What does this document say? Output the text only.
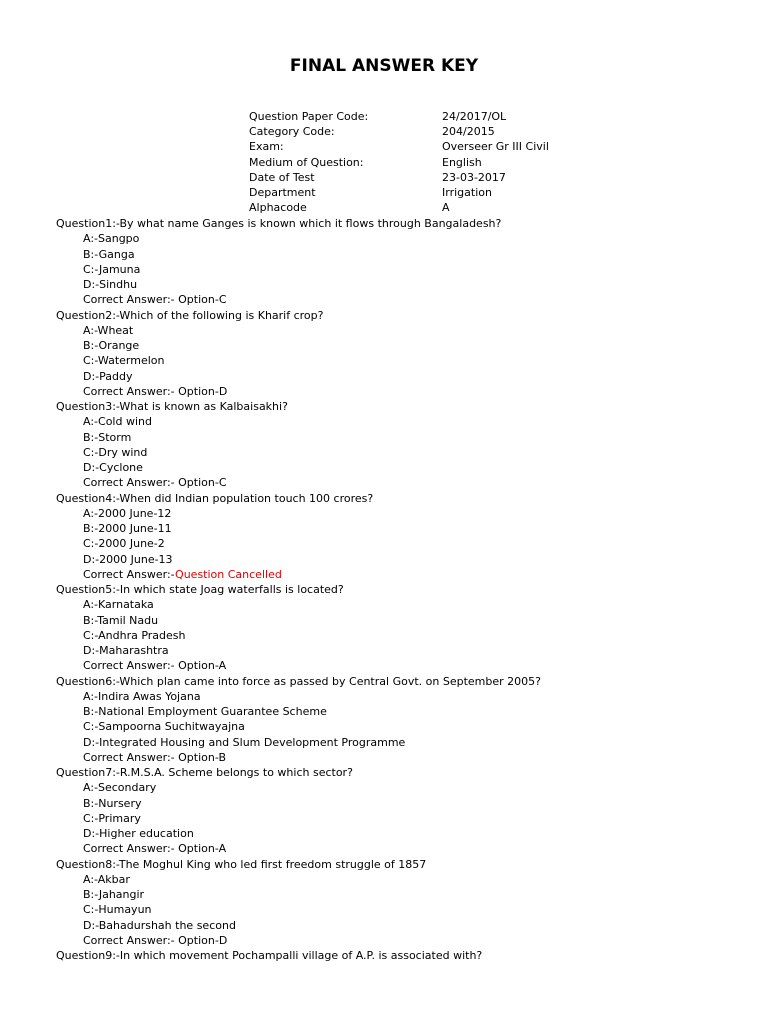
FINAL ANSWER KEY
Question Paper Code:	24/2017/OL
Category Code:	204/2015
Exam:	Overseer Gr III Civil
Medium of Question:	English
Date of Test	23-03-2017
Department	Irrigation
Alphacode	A
Question1:-By what name Ganges is known which it flows through Bangaladesh?
A:-Sangpo
B:-Ganga
C:-Jamuna
D:-Sindhu
Correct Answer:- Option-C
Question2:-Which of the following is Kharif crop?
A:-Wheat
B:-Orange
C:-Watermelon
D:-Paddy
Correct Answer:- Option-D
Question3:-What is known as Kalbaisakhi?
A:-Cold wind
B:-Storm
C:-Dry wind
D:-Cyclone
Correct Answer:- Option-C
Question4:-When did Indian population touch 100 crores?
A:-2000 June-12
B:-2000 June-11
C:-2000 June-2
D:-2000 June-13
Correct Answer:-Question Cancelled
Question5:-In which state Joag waterfalls is located?
A:-Karnataka
B:-Tamil Nadu
C:-Andhra Pradesh
D:-Maharashtra
Correct Answer:- Option-A
Question6:-Which plan came into force as passed by Central Govt. on September 2005?
A:-Indira Awas Yojana
B:-National Employment Guarantee Scheme
C:-Sampoorna Suchitwayajna
D:-Integrated Housing and Slum Development Programme
Correct Answer:- Option-B
Question7:-R.M.S.A. Scheme belongs to which sector?
A:-Secondary
B:-Nursery
C:-Primary
D:-Higher education
Correct Answer:- Option-A
Question8:-The Moghul King who led first freedom struggle of 1857
A:-Akbar
B:-Jahangir
C:-Humayun
D:-Bahadurshah the second
Correct Answer:- Option-D
Question9:-In which movement Pochampalli village of A.P. is associated with?
